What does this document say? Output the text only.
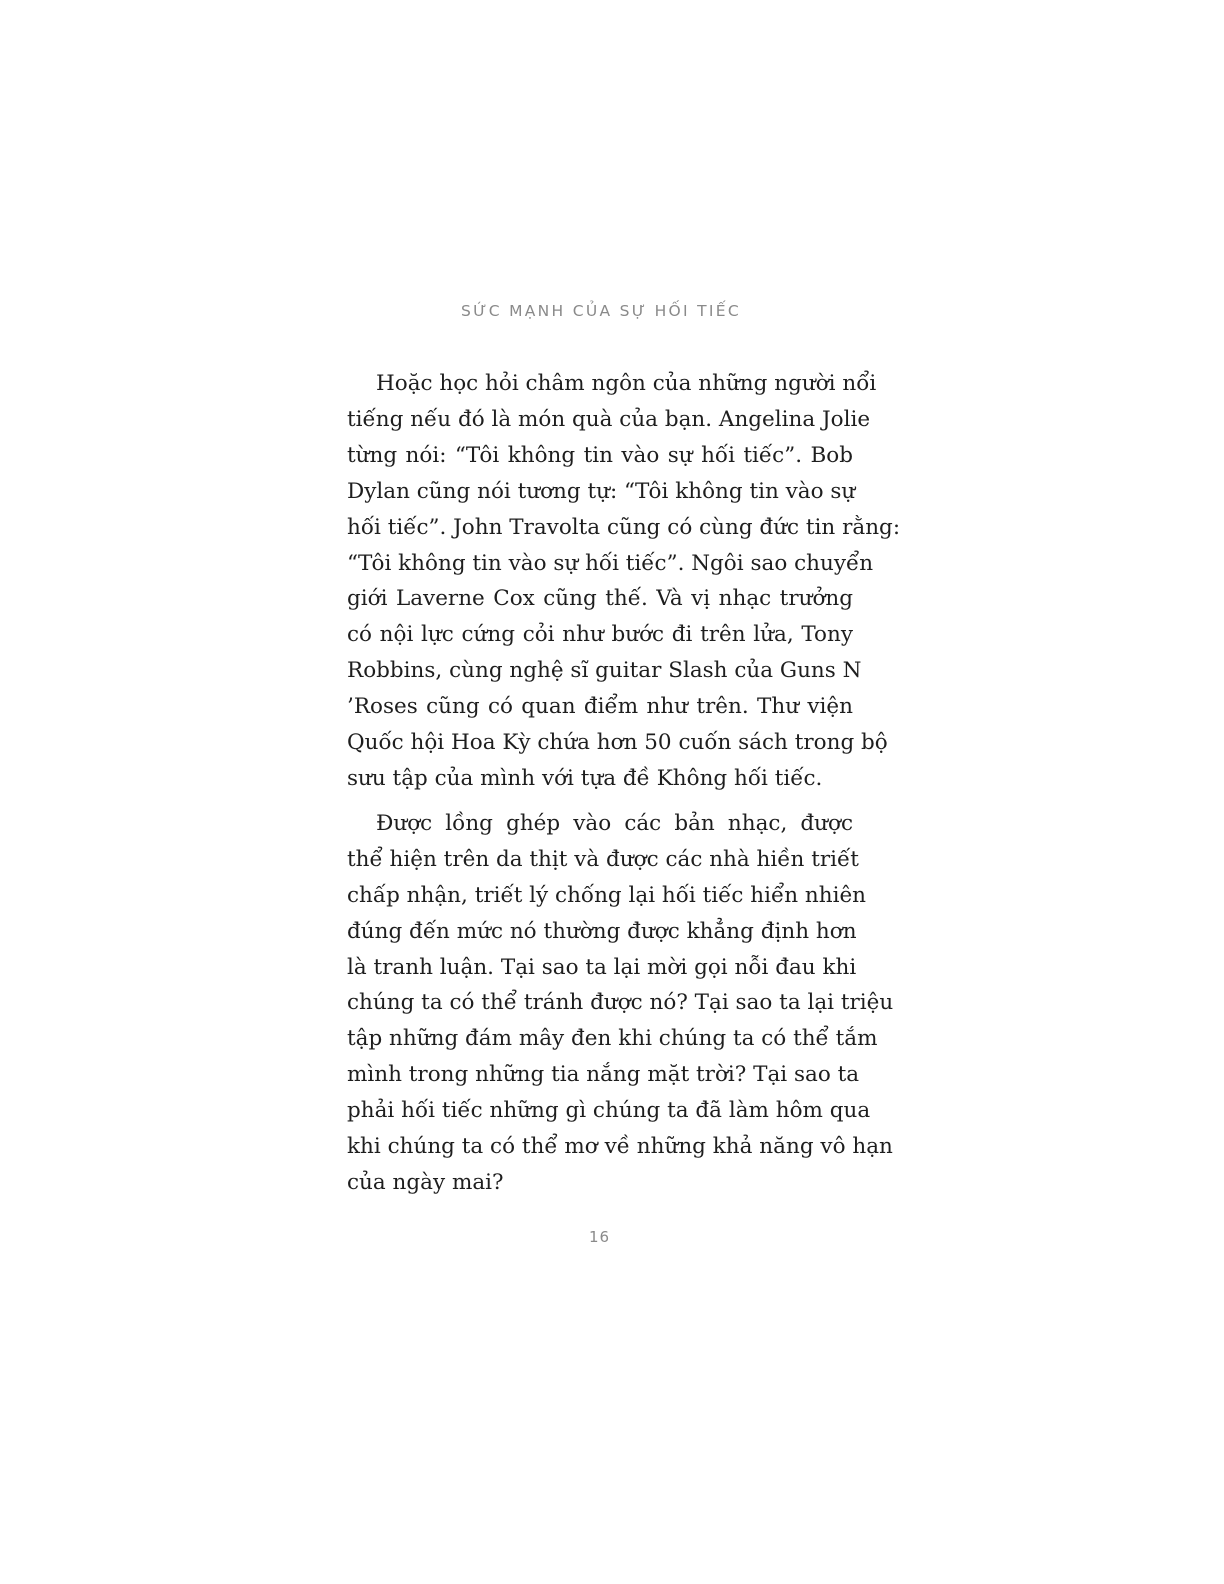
SỨC MẠNH CỦA SỰ HỐI TIẾC

Hoặc học hỏi châm ngôn của những người nổi
tiếng nếu đó là món quà của bạn. Angelina Jolie
từng nói: “Tôi không tin vào sự hối tiếc”. Bob
Dylan cũng nói tương tự: “Tôi không tin vào sự
hối tiếc”. John Travolta cũng có cùng đức tin rằng:
“Tôi không tin vào sự hối tiếc”. Ngôi sao chuyển
giới Laverne Cox cũng thế. Và vị nhạc trưởng
có nội lực cứng cỏi như bước đi trên lửa, Tony
Robbins, cùng nghệ sĩ guitar Slash của Guns N
’Roses cũng có quan điểm như trên. Thư viện
Quốc hội Hoa Kỳ chứa hơn 50 cuốn sách trong bộ
sưu tập của mình với tựa đề Không hối tiếc.

Được lồng ghép vào các bản nhạc, được
thể hiện trên da thịt và được các nhà hiền triết
chấp nhận, triết lý chống lại hối tiếc hiển nhiên
đúng đến mức nó thường được khẳng định hơn
là tranh luận. Tại sao ta lại mời gọi nỗi đau khi
chúng ta có thể tránh được nó? Tại sao ta lại triệu
tập những đám mây đen khi chúng ta có thể tắm
mình trong những tia nắng mặt trời? Tại sao ta
phải hối tiếc những gì chúng ta đã làm hôm qua
khi chúng ta có thể mơ về những khả năng vô hạn
của ngày mai?

16
